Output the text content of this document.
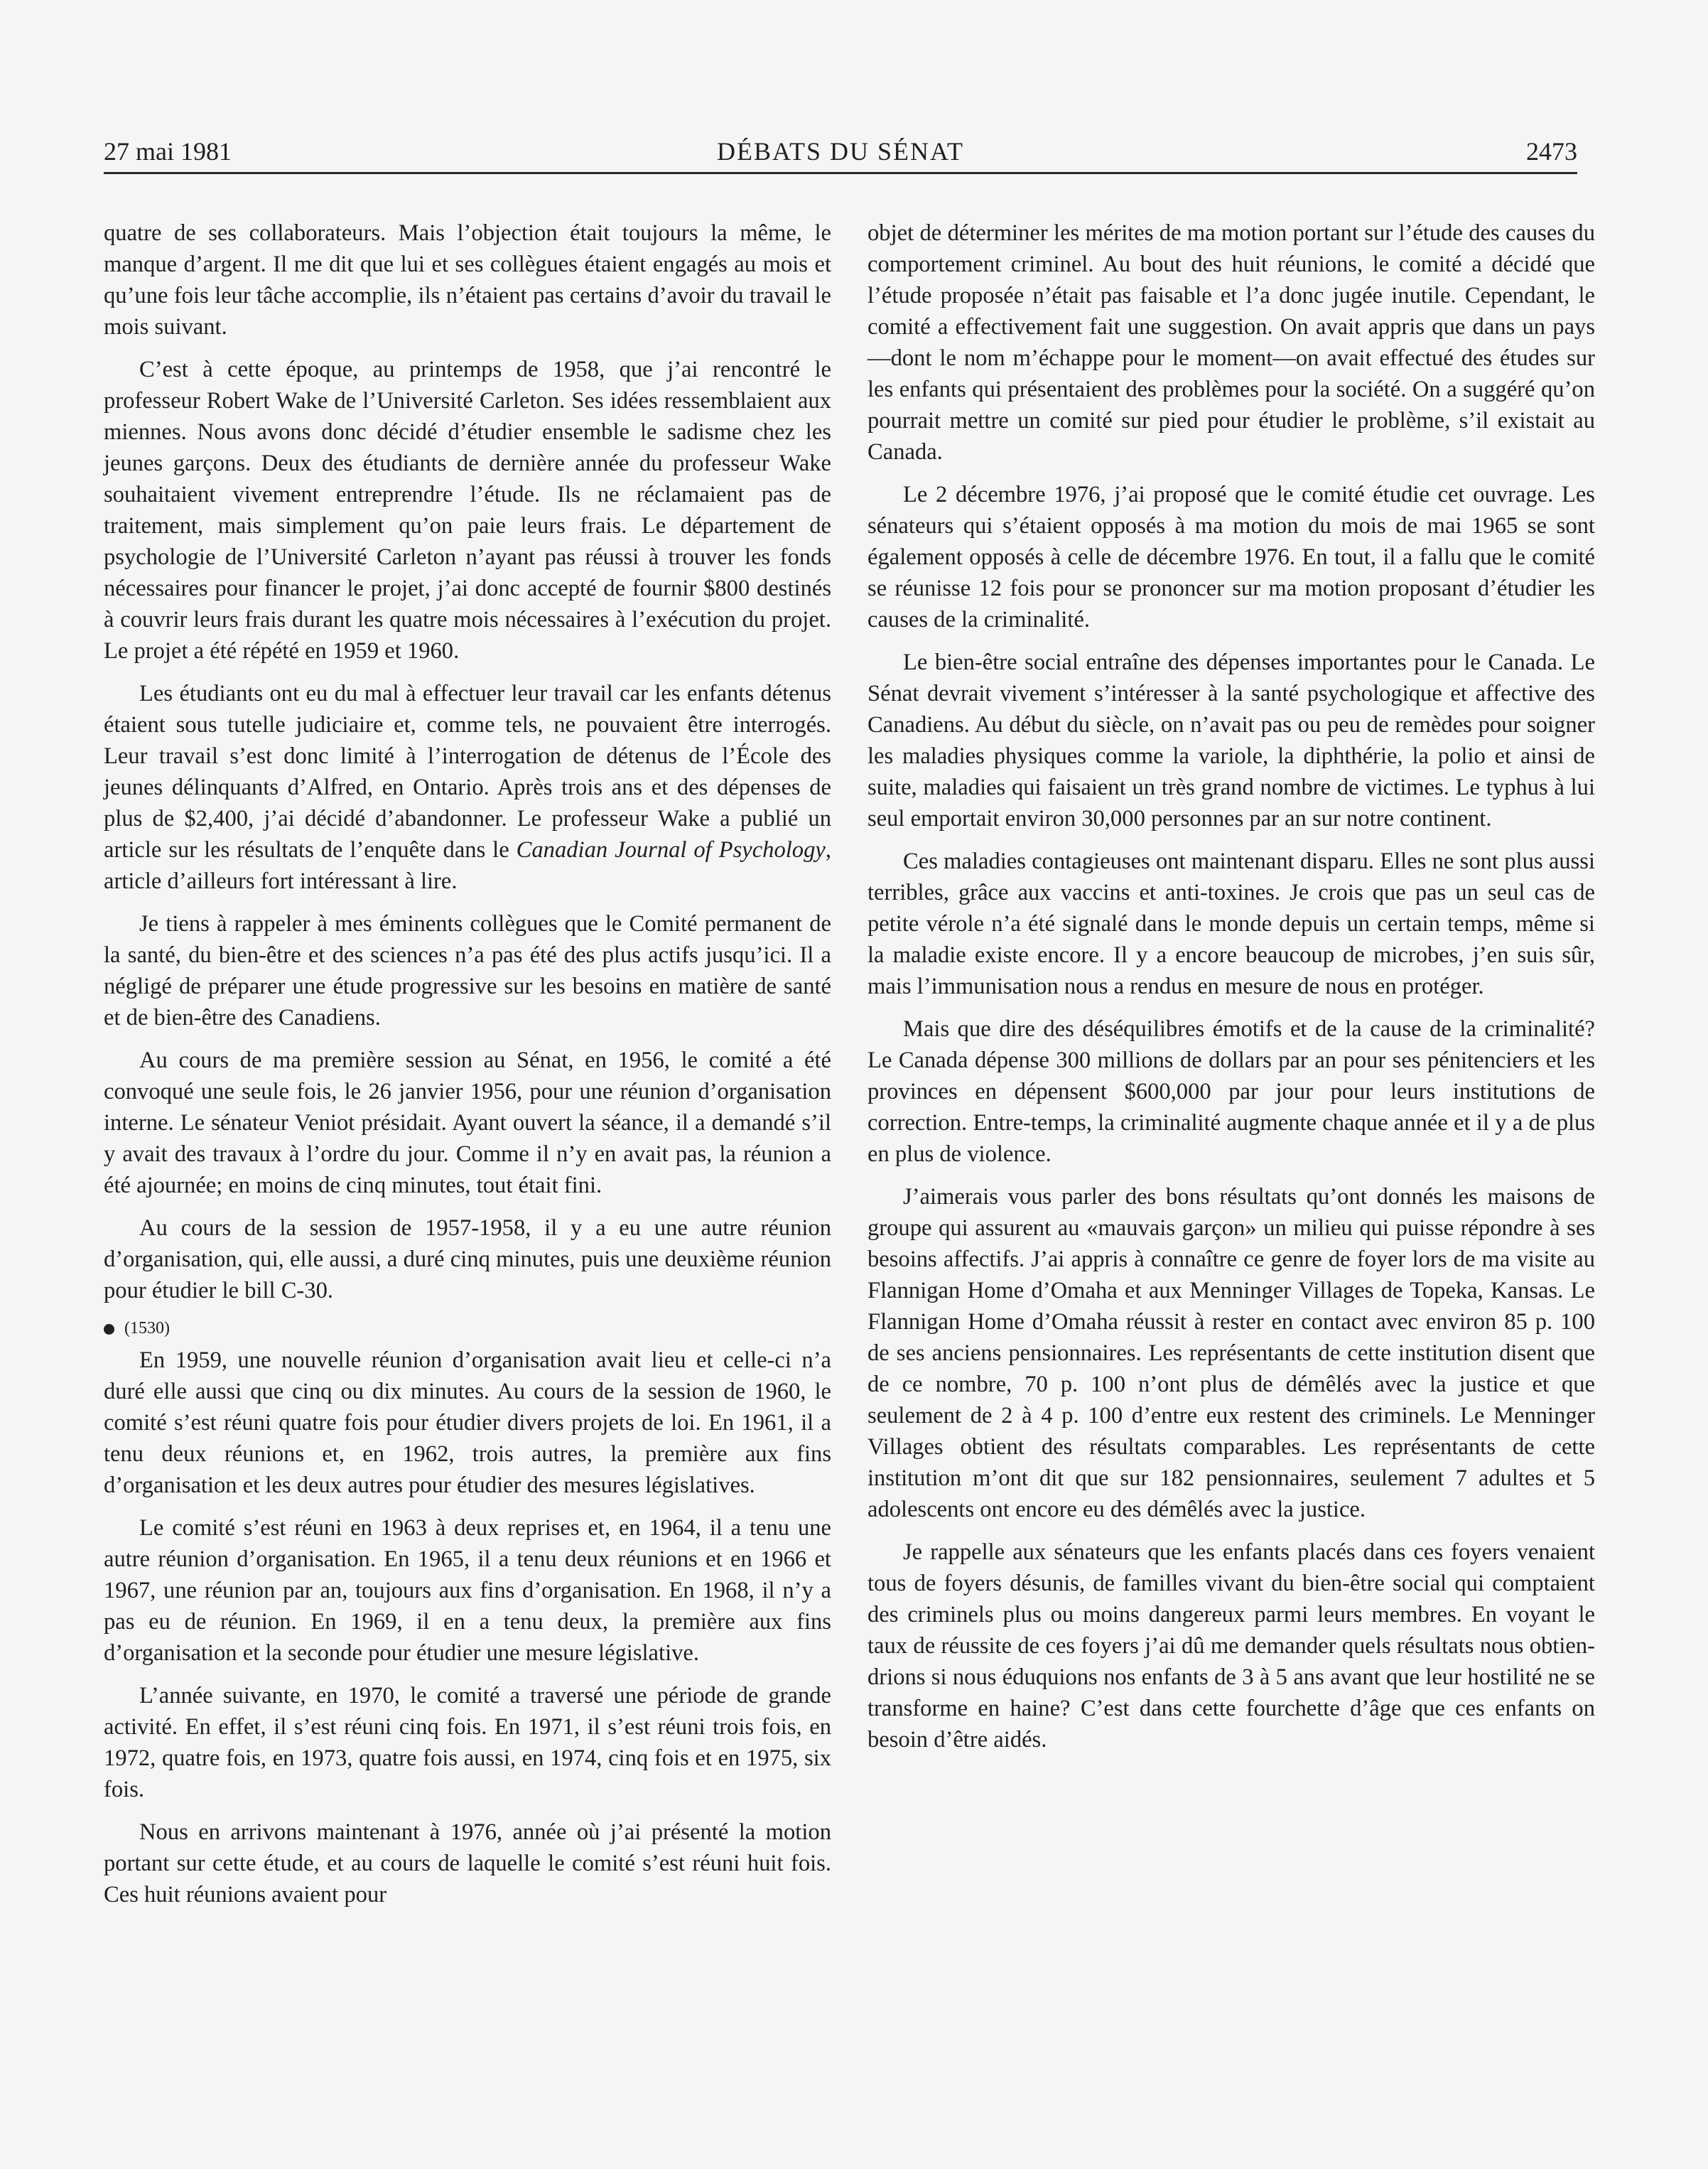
27 mai 1981	DÉBATS DU SÉNAT	2473

quatre de ses collaborateurs. Mais l’objection était toujours la même, le manque d’argent. Il me dit que lui et ses collègues étaient engagés au mois et qu’une fois leur tâche accomplie, ils n’étaient pas certains d’avoir du travail le mois suivant.

C’est à cette époque, au printemps de 1958, que j’ai rencontré le professeur Robert Wake de l’Université Carleton. Ses idées ressemblaient aux miennes. Nous avons donc décidé d’étudier ensemble le sadisme chez les jeunes garçons. Deux des étudiants de dernière année du professeur Wake souhaitaient vivement entreprendre l’étude. Ils ne réclamaient pas de traitement, mais simplement qu’on paie leurs frais. Le département de psychologie de l’Université Carleton n’ayant pas réussi à trouver les fonds nécessaires pour financer le projet, j’ai donc accepté de fournir $800 destinés à couvrir leurs frais durant les quatre mois nécessaires à l’exécution du projet. Le projet a été répété en 1959 et 1960.

Les étudiants ont eu du mal à effectuer leur travail car les enfants détenus étaient sous tutelle judiciaire et, comme tels, ne pouvaient être interrogés. Leur travail s’est donc limité à l’interrogation de détenus de l’École des jeunes délinquants d’Alfred, en Ontario. Après trois ans et des dépenses de plus de $2,400, j’ai décidé d’abandonner. Le professeur Wake a publié un article sur les résultats de l’enquête dans le Canadian Journal of Psychology, article d’ailleurs fort intéressant à lire.

Je tiens à rappeler à mes éminents collègues que le Comité permanent de la santé, du bien-être et des sciences n’a pas été des plus actifs jusqu’ici. Il a négligé de préparer une étude progressive sur les besoins en matière de santé et de bien-être des Canadiens.

Au cours de ma première session au Sénat, en 1956, le comité a été convoqué une seule fois, le 26 janvier 1956, pour une réunion d’organisation interne. Le sénateur Veniot présidait. Ayant ouvert la séance, il a demandé s’il y avait des travaux à l’ordre du jour. Comme il n’y en avait pas, la réunion a été ajournée; en moins de cinq minutes, tout était fini.

Au cours de la session de 1957-1958, il y a eu une autre réunion d’organisation, qui, elle aussi, a duré cinq minutes, puis une deuxième réunion pour étudier le bill C-30.

(1530)

En 1959, une nouvelle réunion d’organisation avait lieu et celle-ci n’a duré elle aussi que cinq ou dix minutes. Au cours de la session de 1960, le comité s’est réuni quatre fois pour étudier divers projets de loi. En 1961, il a tenu deux réunions et, en 1962, trois autres, la première aux fins d’organisation et les deux autres pour étudier des mesures législatives.

Le comité s’est réuni en 1963 à deux reprises et, en 1964, il a tenu une autre réunion d’organisation. En 1965, il a tenu deux réunions et en 1966 et 1967, une réunion par an, toujours aux fins d’organisation. En 1968, il n’y a pas eu de réunion. En 1969, il en a tenu deux, la première aux fins d’organisation et la seconde pour étudier une mesure législative.

L’année suivante, en 1970, le comité a traversé une période de grande activité. En effet, il s’est réuni cinq fois. En 1971, il s’est réuni trois fois, en 1972, quatre fois, en 1973, quatre fois aussi, en 1974, cinq fois et en 1975, six fois.

Nous en arrivons maintenant à 1976, année où j’ai présenté la motion portant sur cette étude, et au cours de laquelle le comité s’est réuni huit fois. Ces huit réunions avaient pour

objet de déterminer les mérites de ma motion portant sur l’étude des causes du comportement criminel. Au bout des huit réunions, le comité a décidé que l’étude proposée n’était pas faisable et l’a donc jugée inutile. Cependant, le comité a effectivement fait une suggestion. On avait appris que dans un pays—dont le nom m’échappe pour le moment—on avait effectué des études sur les enfants qui présentaient des problèmes pour la société. On a suggéré qu’on pourrait mettre un comité sur pied pour étudier le problème, s’il existait au Canada.

Le 2 décembre 1976, j’ai proposé que le comité étudie cet ouvrage. Les sénateurs qui s’étaient opposés à ma motion du mois de mai 1965 se sont également opposés à celle de décembre 1976. En tout, il a fallu que le comité se réunisse 12 fois pour se prononcer sur ma motion proposant d’étudier les causes de la criminalité.

Le bien-être social entraîne des dépenses importantes pour le Canada. Le Sénat devrait vivement s’intéresser à la santé psychologique et affective des Canadiens. Au début du siècle, on n’avait pas ou peu de remèdes pour soigner les maladies physiques comme la variole, la diphthérie, la polio et ainsi de suite, maladies qui faisaient un très grand nombre de victimes. Le typhus à lui seul emportait environ 30,000 personnes par an sur notre continent.

Ces maladies contagieuses ont maintenant disparu. Elles ne sont plus aussi terribles, grâce aux vaccins et anti-toxines. Je crois que pas un seul cas de petite vérole n’a été signalé dans le monde depuis un certain temps, même si la maladie existe encore. Il y a encore beaucoup de microbes, j’en suis sûr, mais l’immunisation nous a rendus en mesure de nous en protéger.

Mais que dire des déséquilibres émotifs et de la cause de la criminalité? Le Canada dépense 300 millions de dollars par an pour ses pénitenciers et les provinces en dépensent $600,000 par jour pour leurs institutions de correction. Entre-temps, la criminalité augmente chaque année et il y a de plus en plus de violence.

J’aimerais vous parler des bons résultats qu’ont donnés les maisons de groupe qui assurent au «mauvais garçon» un milieu qui puisse répondre à ses besoins affectifs. J’ai appris à connaître ce genre de foyer lors de ma visite au Flannigan Home d’Omaha et aux Menninger Villages de Topeka, Kansas. Le Flannigan Home d’Omaha réussit à rester en contact avec environ 85 p. 100 de ses anciens pensionnaires. Les représentants de cette institution disent que de ce nombre, 70 p. 100 n’ont plus de démêlés avec la justice et que seulement de 2 à 4 p. 100 d’entre eux restent des criminels. Le Menninger Villages obtient des résultats comparables. Les représentants de cette institution m’ont dit que sur 182 pensionnaires, seulement 7 adultes et 5 adolescents ont encore eu des démêlés avec la justice.

Je rappelle aux sénateurs que les enfants placés dans ces foyers venaient tous de foyers désunis, de familles vivant du bien-être social qui comptaient des criminels plus ou moins dangereux parmi leurs membres. En voyant le taux de réussite de ces foyers j’ai dû me demander quels résultats nous obtiendrions si nous éduquions nos enfants de 3 à 5 ans avant que leur hostilité ne se transforme en haine? C’est dans cette fourchette d’âge que ces enfants on besoin d’être aidés.
